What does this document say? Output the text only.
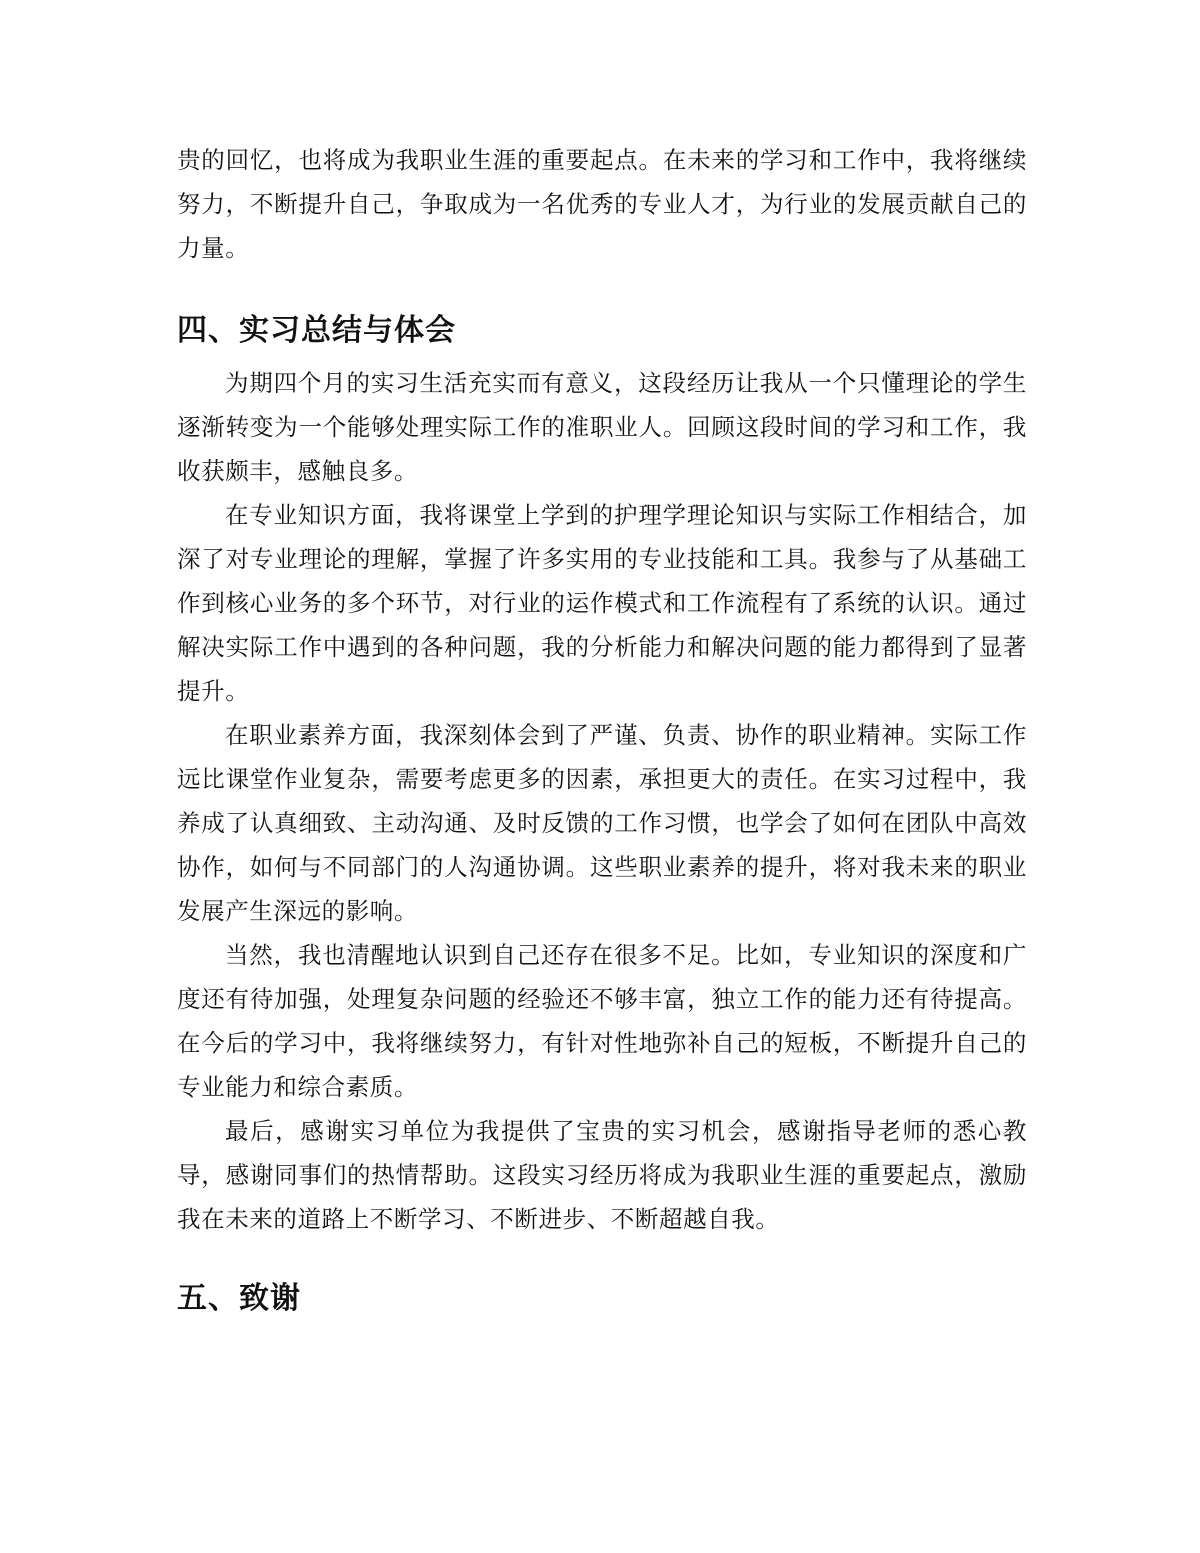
贵的回忆，也将成为我职业生涯的重要起点。在未来的学习和工作中，我将继续努力，不断提升自己，争取成为一名优秀的专业人才，为行业的发展贡献自己的力量。

四、实习总结与体会

为期四个月的实习生活充实而有意义，这段经历让我从一个只懂理论的学生逐渐转变为一个能够处理实际工作的准职业人。回顾这段时间的学习和工作，我收获颇丰，感触良多。

在专业知识方面，我将课堂上学到的护理学理论知识与实际工作相结合，加深了对专业理论的理解，掌握了许多实用的专业技能和工具。我参与了从基础工作到核心业务的多个环节，对行业的运作模式和工作流程有了系统的认识。通过解决实际工作中遇到的各种问题，我的分析能力和解决问题的能力都得到了显著提升。

在职业素养方面，我深刻体会到了严谨、负责、协作的职业精神。实际工作远比课堂作业复杂，需要考虑更多的因素，承担更大的责任。在实习过程中，我养成了认真细致、主动沟通、及时反馈的工作习惯，也学会了如何在团队中高效协作，如何与不同部门的人沟通协调。这些职业素养的提升，将对我未来的职业发展产生深远的影响。

当然，我也清醒地认识到自己还存在很多不足。比如，专业知识的深度和广度还有待加强，处理复杂问题的经验还不够丰富，独立工作的能力还有待提高。在今后的学习中，我将继续努力，有针对性地弥补自己的短板，不断提升自己的专业能力和综合素质。

最后，感谢实习单位为我提供了宝贵的实习机会，感谢指导老师的悉心教导，感谢同事们的热情帮助。这段实习经历将成为我职业生涯的重要起点，激励我在未来的道路上不断学习、不断进步、不断超越自我。

五、致谢
